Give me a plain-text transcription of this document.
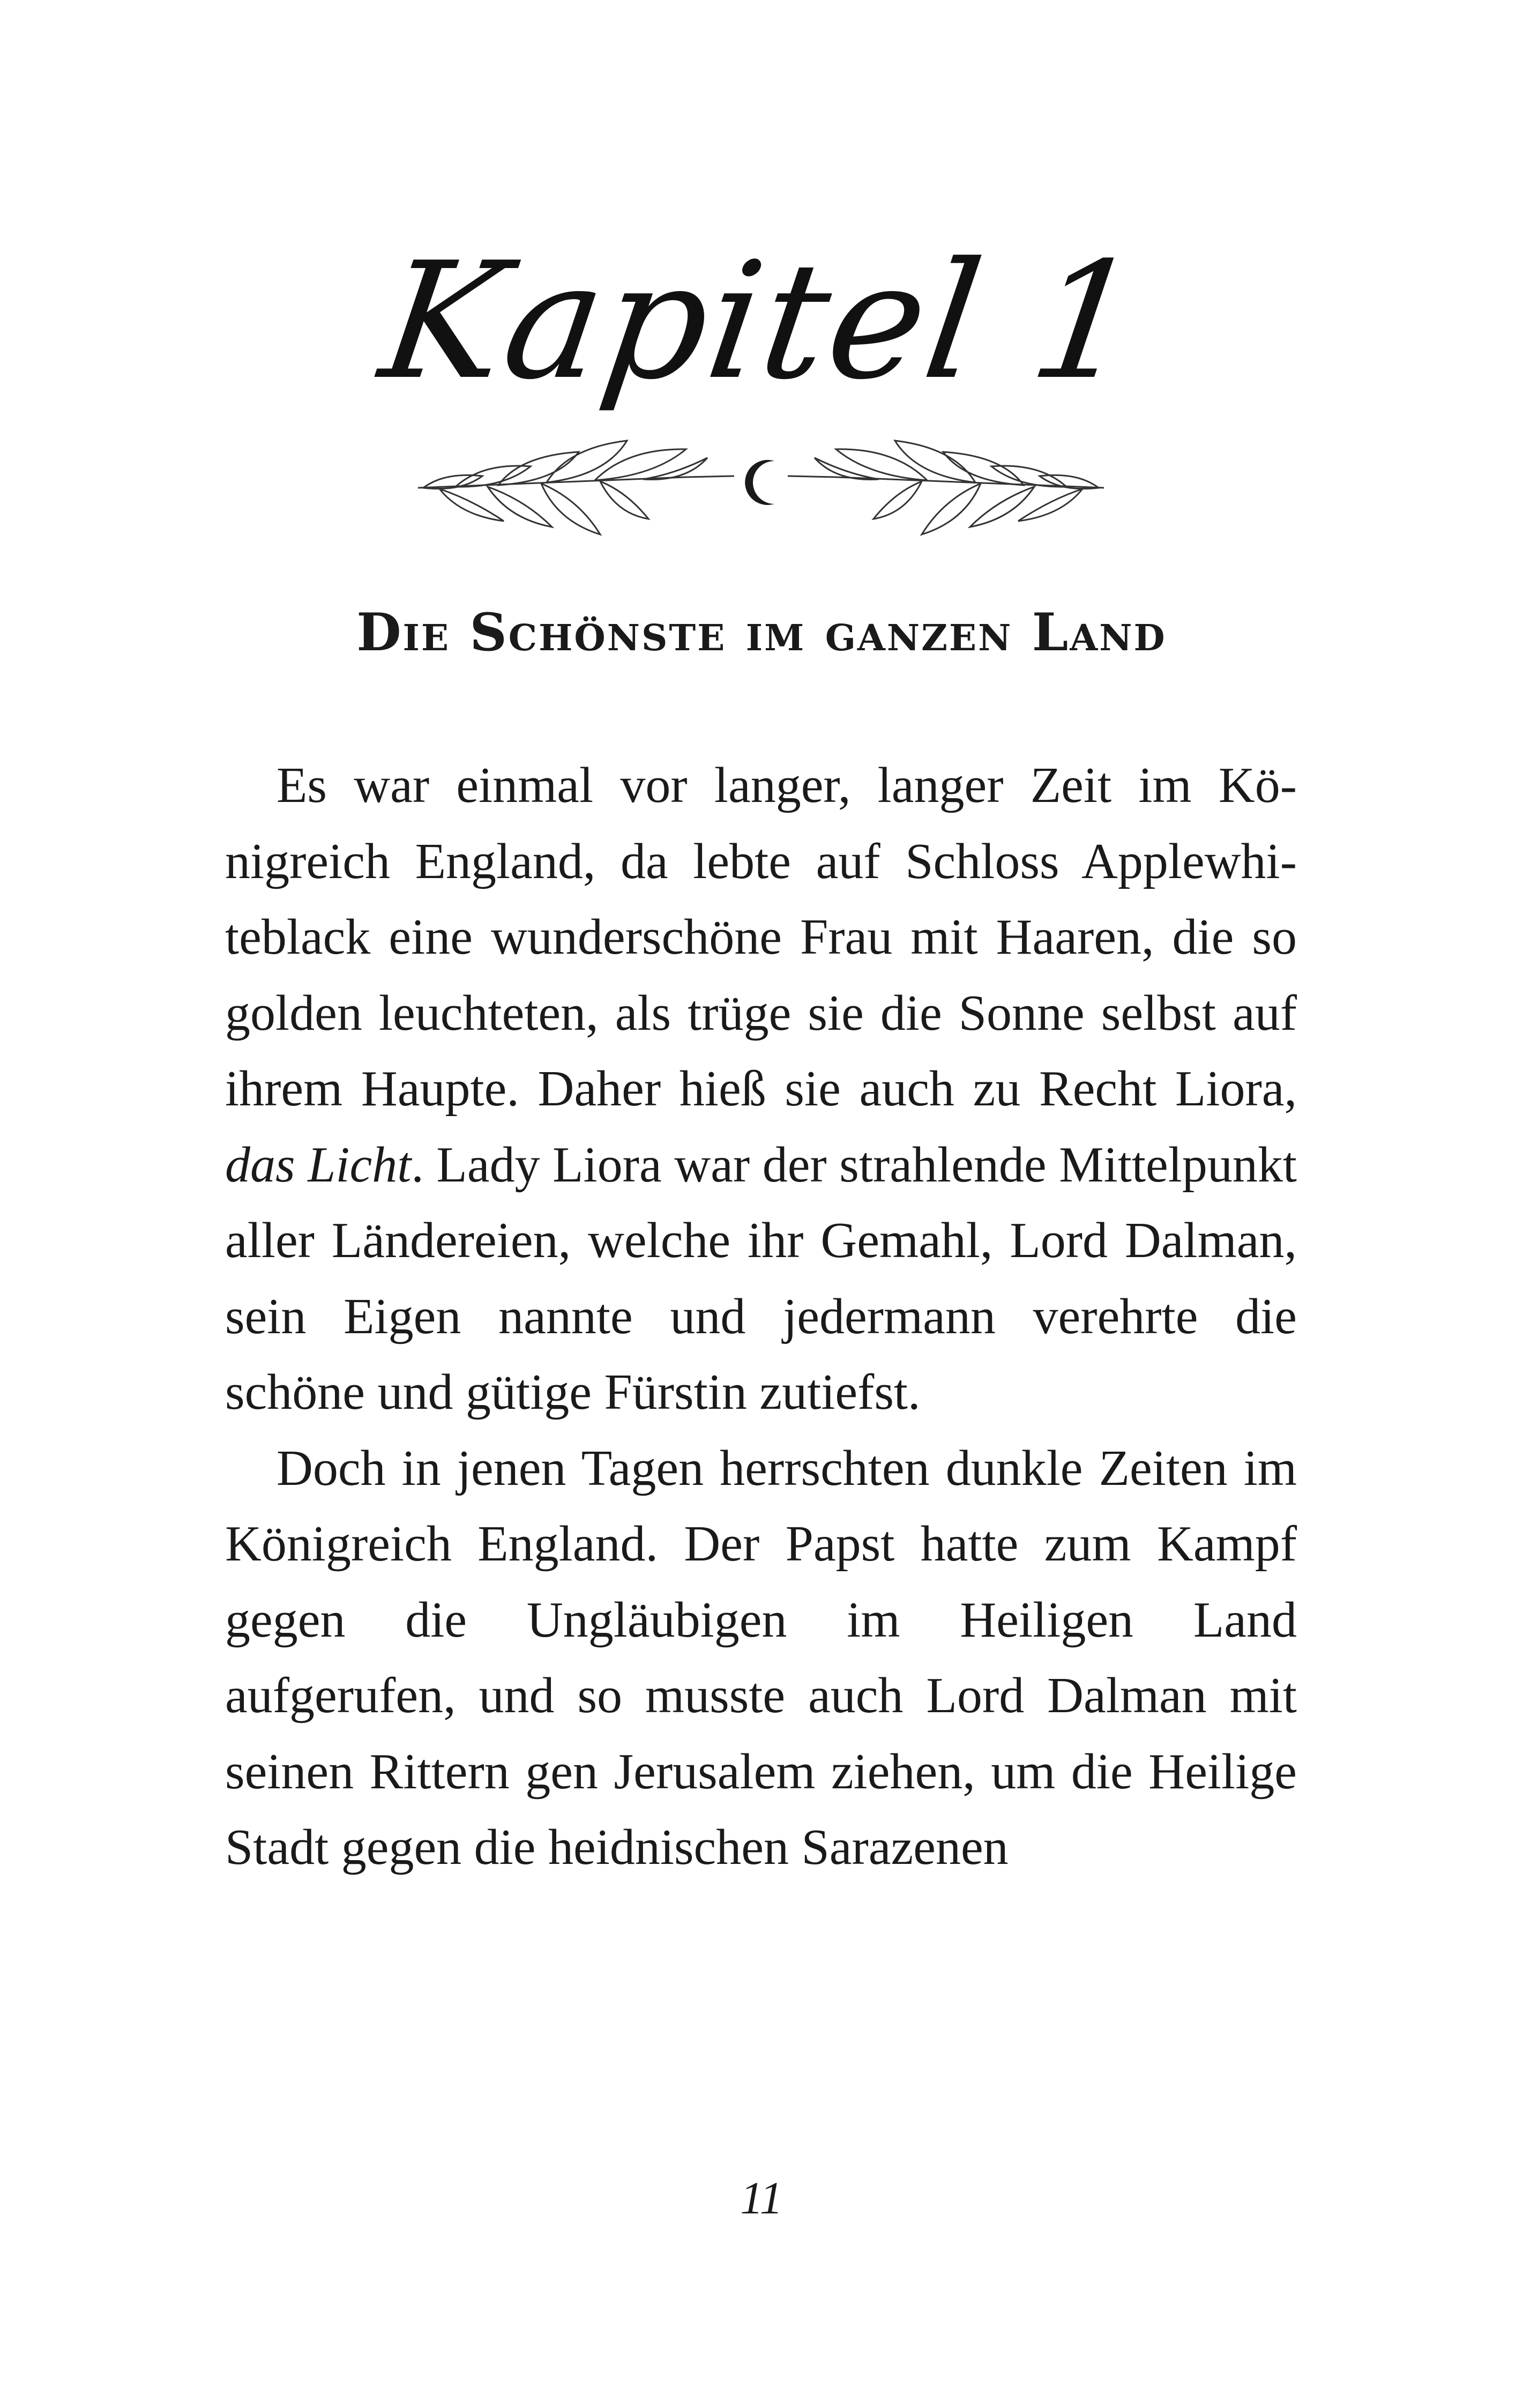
Kapitel 1
Die Schönste im ganzen Land

Es war einmal vor langer, langer Zeit im Königreich England, da lebte auf Schloss Applewhiteblack eine wunderschöne Frau mit Haaren, die so golden leuchteten, als trüge sie die Sonne selbst auf ihrem Haupte. Daher hieß sie auch zu Recht Liora, das Licht. Lady Liora war der strahlende Mittelpunkt aller Ländereien, welche ihr Gemahl, Lord Dalman, sein Eigen nannte und jedermann verehrte die schöne und gütige Fürstin zutiefst.

Doch in jenen Tagen herrschten dunkle Zeiten im Königreich England. Der Papst hatte zum Kampf gegen die Ungläubigen im Heiligen Land aufgerufen, und so musste auch Lord Dalman mit seinen Rittern gen Jerusalem ziehen, um die Heilige Stadt gegen die heidnischen Sarazenen

11
